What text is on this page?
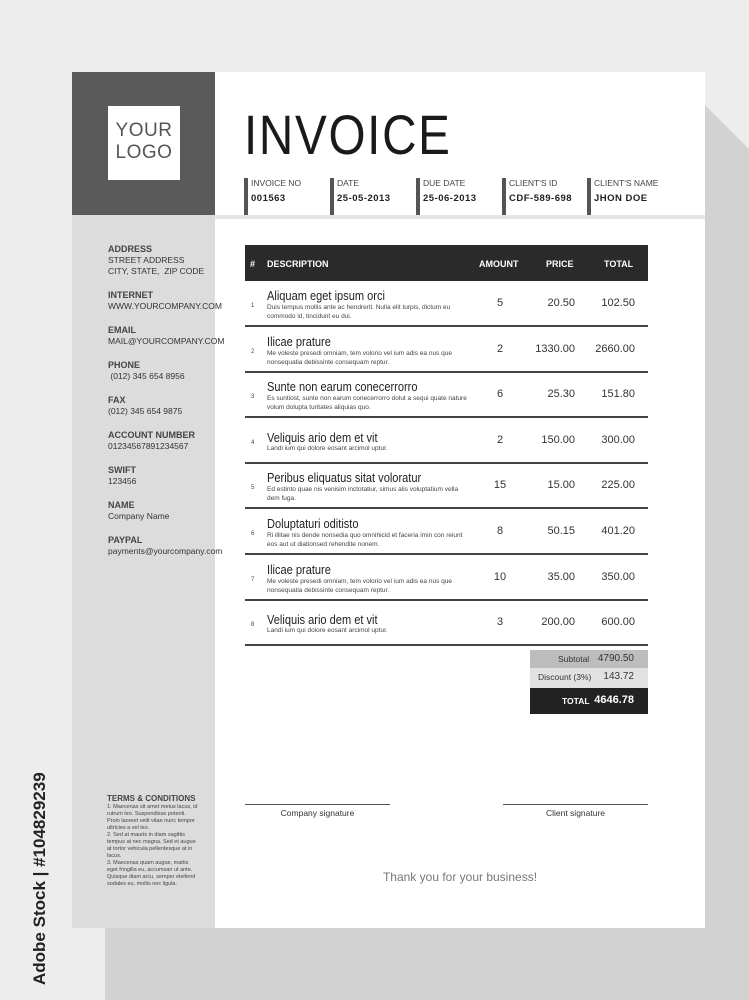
YOUR
LOGO INVOICE
INVOICE NO
001563
DATE
25-05-2013
DUE DATE
25-06-2013
CLIENT'S ID
CDF-589-698
CLIENT'S NAME
JHON DOE
ADDRESS
STREET ADDRESS
CITY, STATE,  ZIP CODE
INTERNET
WWW.YOURCOMPANY.COM
EMAIL
MAIL@YOURCOMPANY.COM
PHONE
(012) 345 654 8956
FAX
(012) 345 654 9875
ACCOUNT NUMBER
01234567891234567
SWIFT
123456
NAME
Company Name
PAYPAL
payments@yourcompany.com
TERMS & CONDITIONS
1. Maecenas sit amet metus lacus, id rutrum leo. Suspendisse potenti. Proin laoreet velit vitae nunc tempor ultricies a vel leo.
2. Sed at mauris in diam sagittis tempus at nec magna. Sed et augue at tortor vehicula pellentesque at in lacus.
3. Maecenas quam augue, mattis eget fringilla eu, accumsan ut ante. Quisque diam arcu, semper eleifend sodales eu, mollis nec ligula.
# DESCRIPTION	AMOUNT	PRICE	TOTAL
1
Aliquam eget ipsum orci
Duis tempus mollis ante ac hendrerit. Nulla elit turpis, dictum eu commodo id, tincidunt eu dui.
5	20.50	102.50
2
Ilicae prature
Me voleste presedi omniam, tem volorio vel ium adis ea nus que nonsequatia debissinte consequam reptur.
2	1330.00 2660.00
3
Sunte non earum conecerrorro
Es suntiost, sunte non earum conecerrorro dolut a sequi quate nature volum dolupta turitates aliquias quo.
6	25.30	151.80
4 Veliquis ario dem et vit
Landi ium qui dolore eosant arcimol uptur.
2	150.00	300.00
5
Peribus eliquatus sitat voloratur
Ed estinto quae nis venisim inctotatiur, simus alis voluptatium vella dem fuga.
15	15.00	225.00
6
Doluptaturi oditisto
Ri illitae nis dende nonsedia quo omnihicid et faceria imin con reiunt eos aut ut diationsed rehendite nonem.
8	50.15	401.20
7
Ilicae prature
Me voleste presedi omniam, tem volorio vel ium adis ea nus que nonsequatia debissinte consequam reptur.
10	35.00	350.00
8 Veliquis ario dem et vit
Landi ium qui dolore eosant arcimol uptur.
3	200.00	600.00
Subtotal 4790.50
Discount (3%) 143.72
TOTAL 4646.78
Company signature	Client signature
Thank you for your business!
Adobe Stock | #104829239
